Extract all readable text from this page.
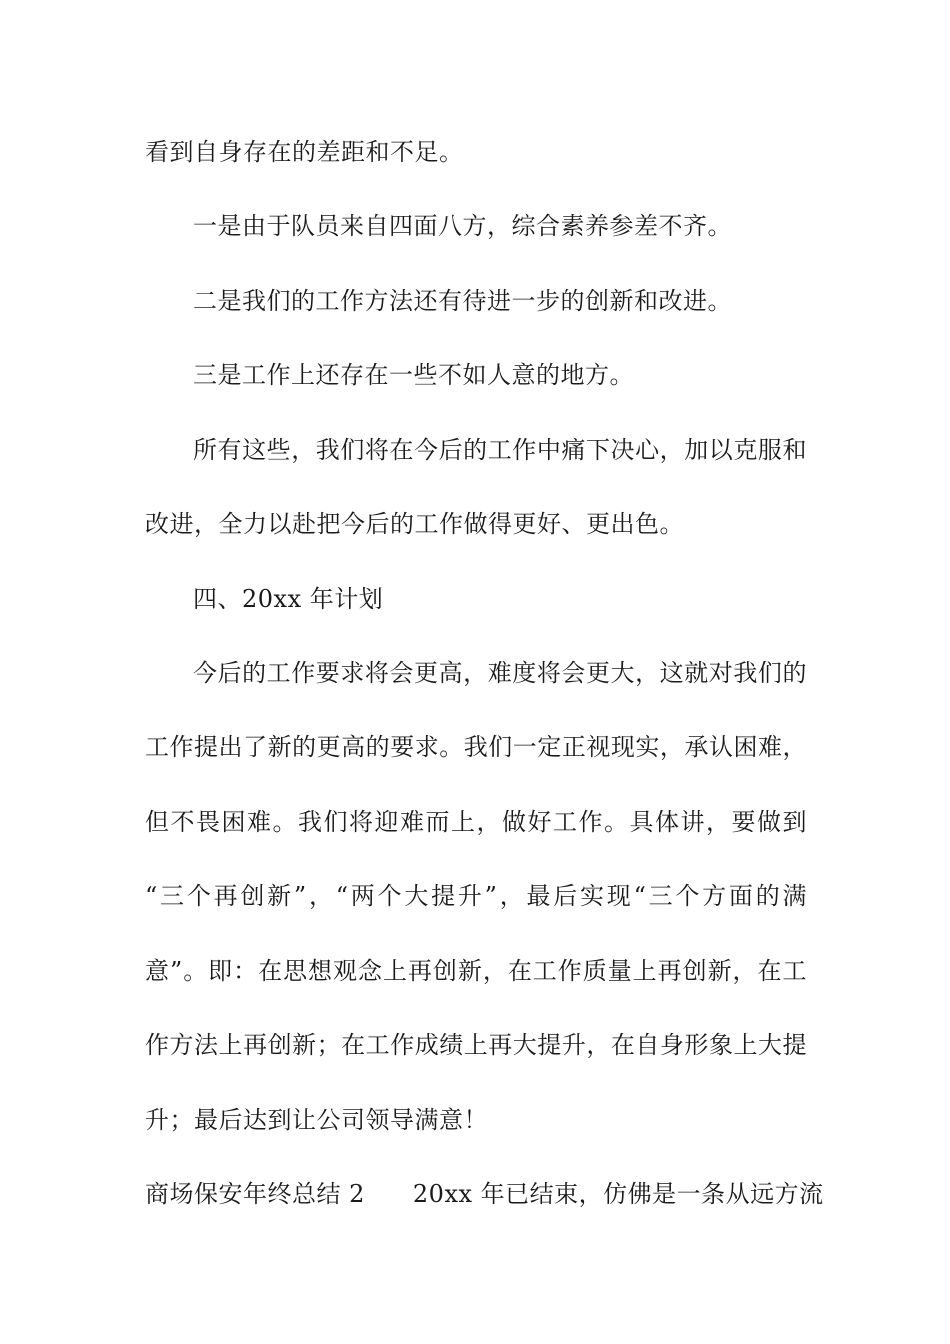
看到自身存在的差距和不足。
一是由于队员来自四面八方，综合素养参差不齐。
二是我们的工作方法还有待进一步的创新和改进。
三是工作上还存在一些不如人意的地方。
所有这些，我们将在今后的工作中痛下决心，加以克服和
改进，全力以赴把今后的工作做得更好、更出色。
四、20xx 年计划
今后的工作要求将会更高，难度将会更大，这就对我们的
工作提出了新的更高的要求。我们一定正视现实，承认困难，
但不畏困难。我们将迎难而上，做好工作。具体讲，要做到
“三个再创新”，“两个大提升”，最后实现“三个方面的满
意”。即：在思想观念上再创新，在工作质量上再创新，在工
作方法上再创新；在工作成绩上再大提升，在自身形象上大提
升；最后达到让公司领导满意！
商场保安年终总结 2 20xx 年已结束，仿佛是一条从远方流
